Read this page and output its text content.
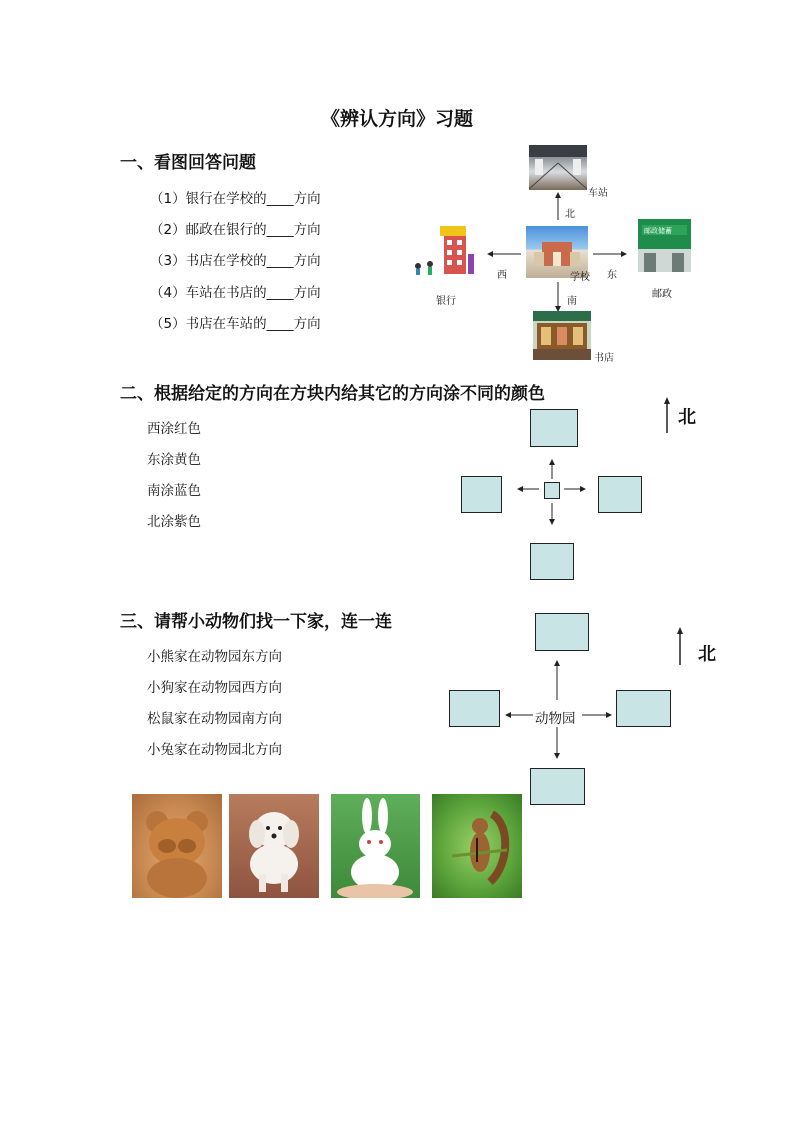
《辨认方向》习题
一、看图回答问题
（1）银行在学校的____方向
（2）邮政在银行的____方向
（3）书店在学校的____方向
（4）车站在书店的____方向
（5）书店在车站的____方向
车站
北
学校
西	东
银行
邮政储蓄
邮政
南
书店
二、根据给定的方向在方块内给其它的方向涂不同的颜色
西涂红色
东涂黄色
南涂蓝色
北涂紫色
北
三、请帮小动物们找一下家，连一连
小熊家在动物园东方向
小狗家在动物园西方向
松鼠家在动物园南方向
小兔家在动物园北方向
动物园
北
